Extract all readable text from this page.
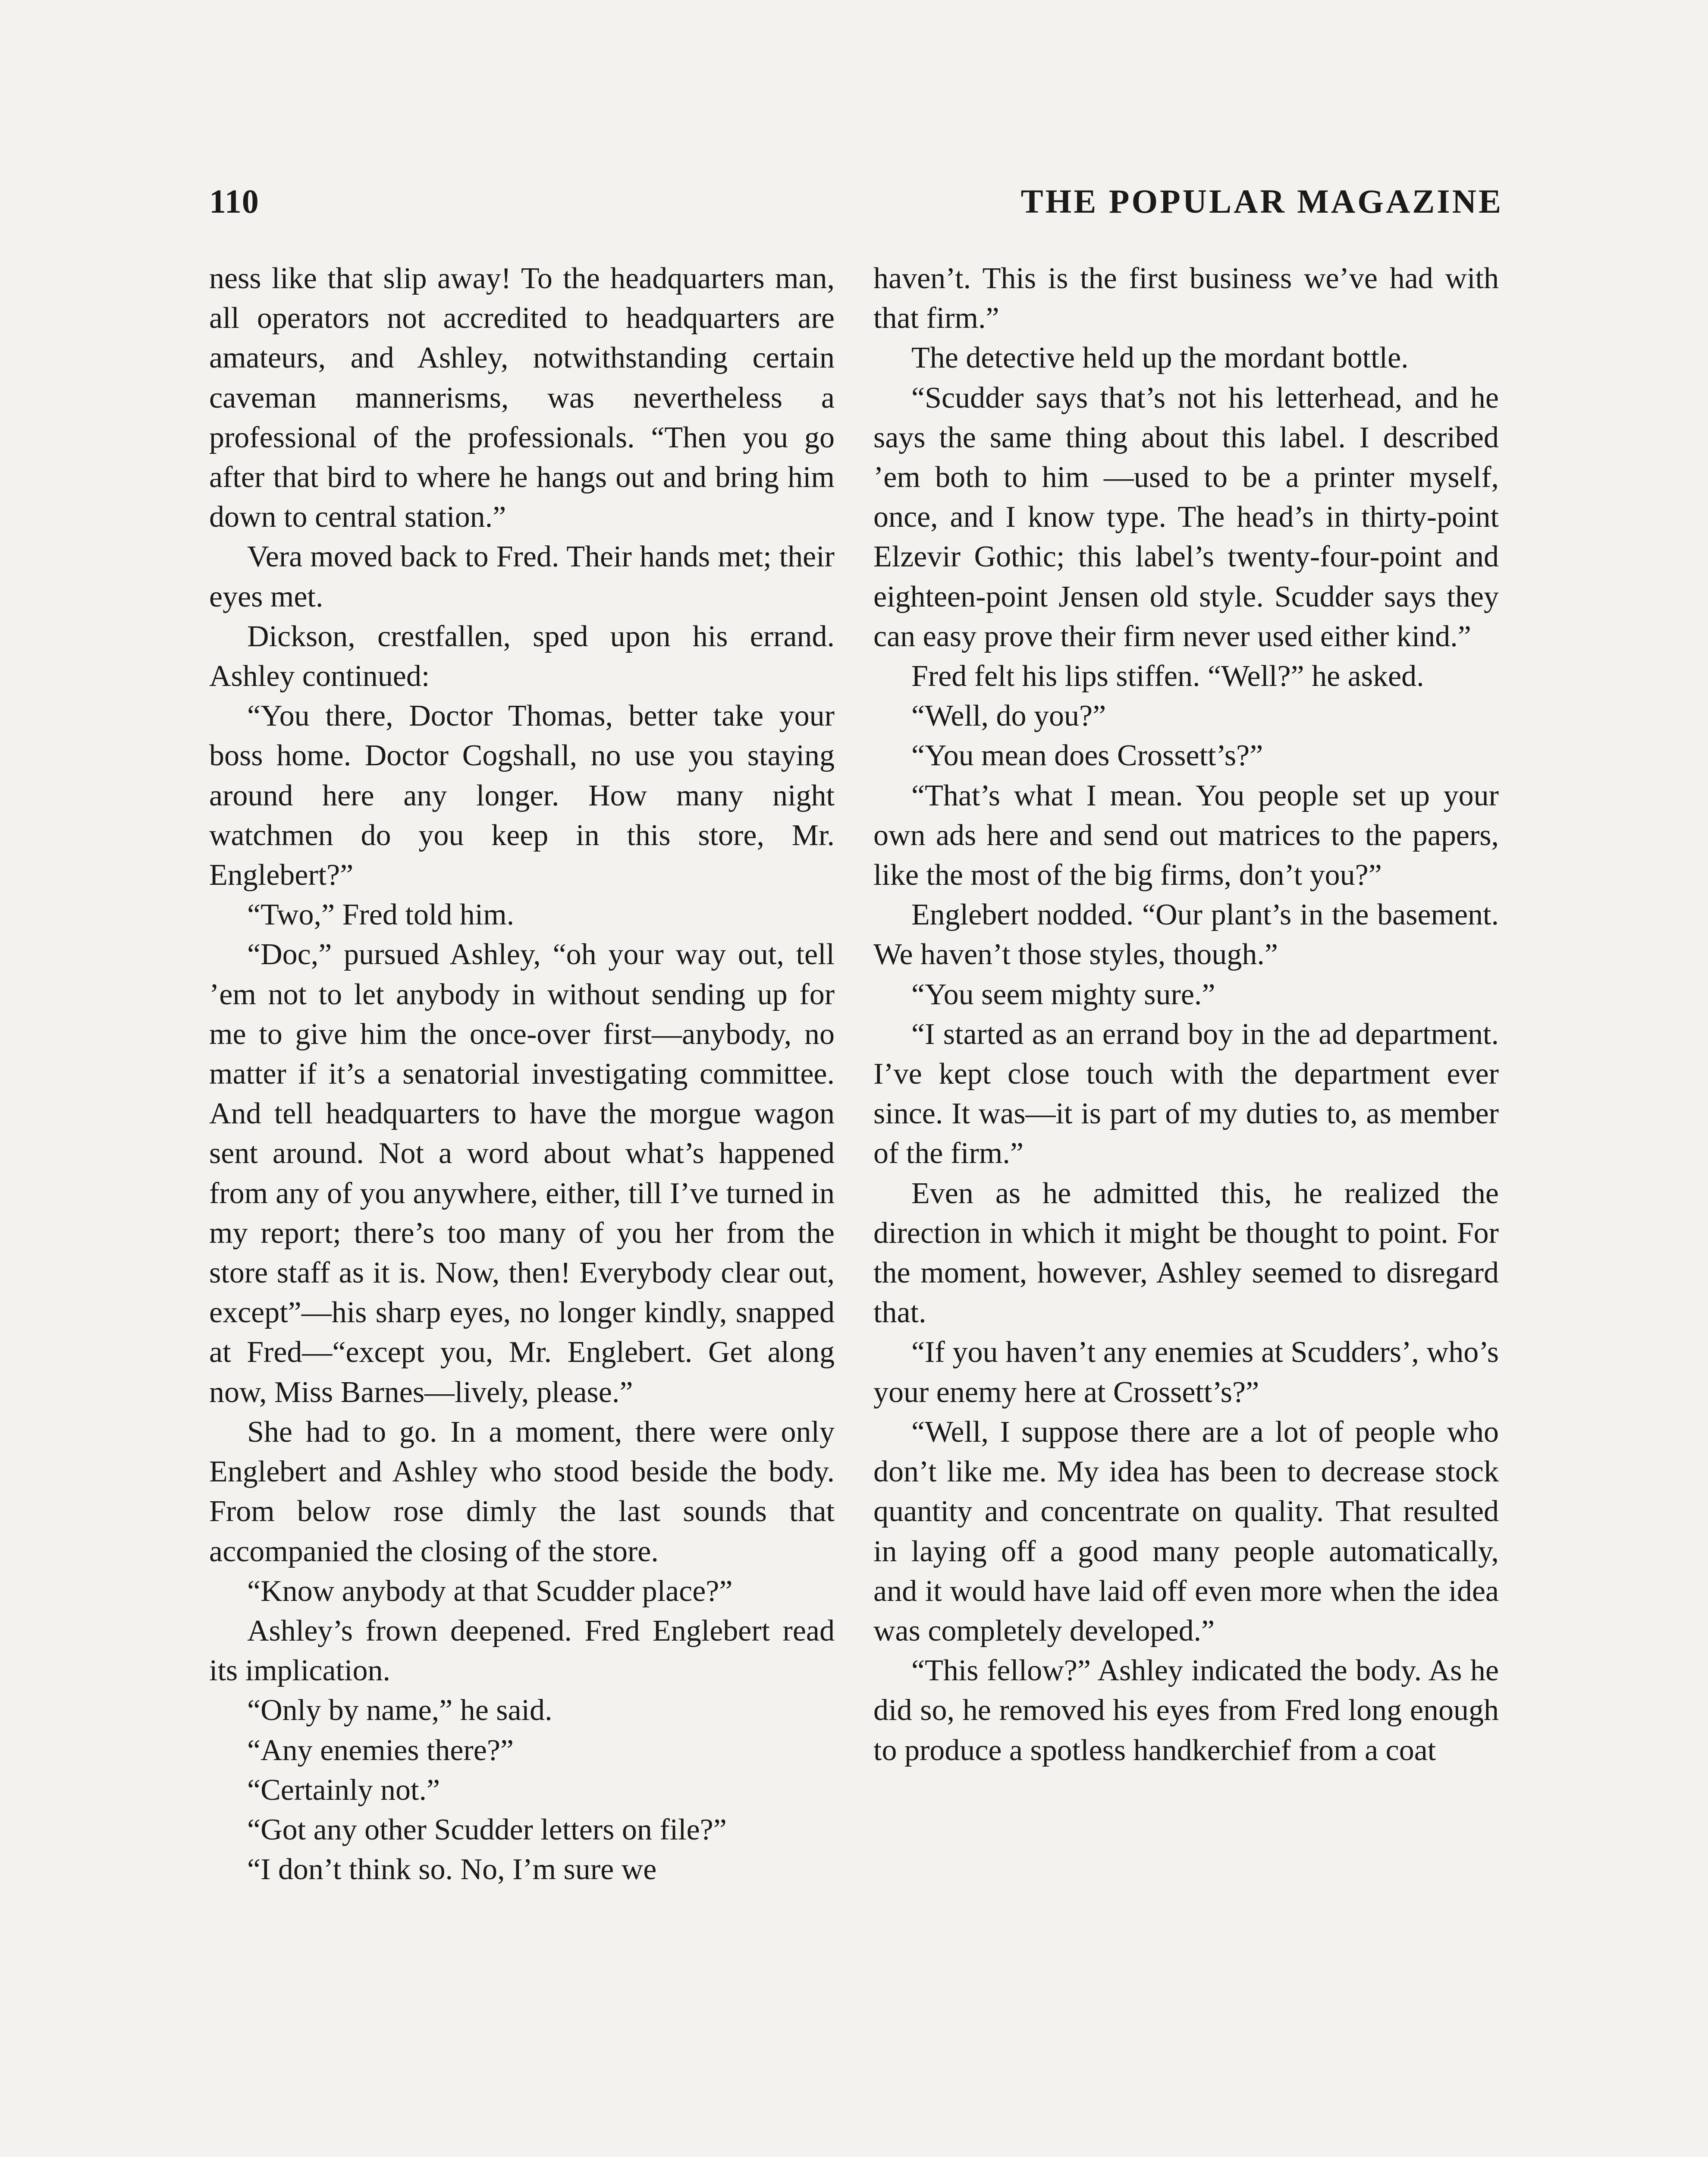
110	THE POPULAR MAGAZINE

ness like that slip away! To the headquarters man, all operators not accredited to headquarters are amateurs, and Ashley, notwithstanding certain caveman mannerisms, was nevertheless a professional of the professionals. “Then you go after that bird to where he hangs out and bring him down to central station.”

Vera moved back to Fred. Their hands met; their eyes met.

Dickson, crestfallen, sped upon his errand. Ashley continued:

“You there, Doctor Thomas, better take your boss home. Doctor Cogshall, no use you staying around here any longer. How many night watchmen do you keep in this store, Mr. Englebert?”

“Two,” Fred told him.

“Doc,” pursued Ashley, “oh your way out, tell ’em not to let anybody in without sending up for me to give him the once-over first—anybody, no matter if it’s a senatorial investigating committee. And tell headquarters to have the morgue wagon sent around. Not a word about what’s happened from any of you anywhere, either, till I’ve turned in my report; there’s too many of you her from the store staff as it is. Now, then! Everybody clear out, except”—his sharp eyes, no longer kindly, snapped at Fred—“except you, Mr. Englebert. Get along now, Miss Barnes—lively, please.”

She had to go. In a moment, there were only Englebert and Ashley who stood beside the body. From below rose dimly the last sounds that accompanied the closing of the store.

“Know anybody at that Scudder place?”

Ashley’s frown deepened. Fred Englebert read its implication.

“Only by name,” he said.

“Any enemies there?”

“Certainly not.”

“Got any other Scudder letters on file?”

“I don’t think so. No, I’m sure we

haven’t. This is the first business we’ve had with that firm.”

The detective held up the mordant bottle.

“Scudder says that’s not his letterhead, and he says the same thing about this label. I described ’em both to him —used to be a printer myself, once, and I know type. The head’s in thirty-point Elzevir Gothic; this label’s twenty-four-point and eighteen-point Jensen old style. Scudder says they can easy prove their firm never used either kind.”

Fred felt his lips stiffen. “Well?” he asked.

“Well, do you?”

“You mean does Crossett’s?”

“That’s what I mean. You people set up your own ads here and send out matrices to the papers, like the most of the big firms, don’t you?”

Englebert nodded. “Our plant’s in the basement. We haven’t those styles, though.”

“You seem mighty sure.”

“I started as an errand boy in the ad department. I’ve kept close touch with the department ever since. It was—it is part of my duties to, as member of the firm.”

Even as he admitted this, he realized the direction in which it might be thought to point. For the moment, however, Ashley seemed to disregard that.

“If you haven’t any enemies at Scudders’, who’s your enemy here at Crossett’s?”

“Well, I suppose there are a lot of people who don’t like me. My idea has been to decrease stock quantity and concentrate on quality. That resulted in laying off a good many people automatically, and it would have laid off even more when the idea was completely developed.”

“This fellow?” Ashley indicated the body. As he did so, he removed his eyes from Fred long enough to produce a spotless handkerchief from a coat
